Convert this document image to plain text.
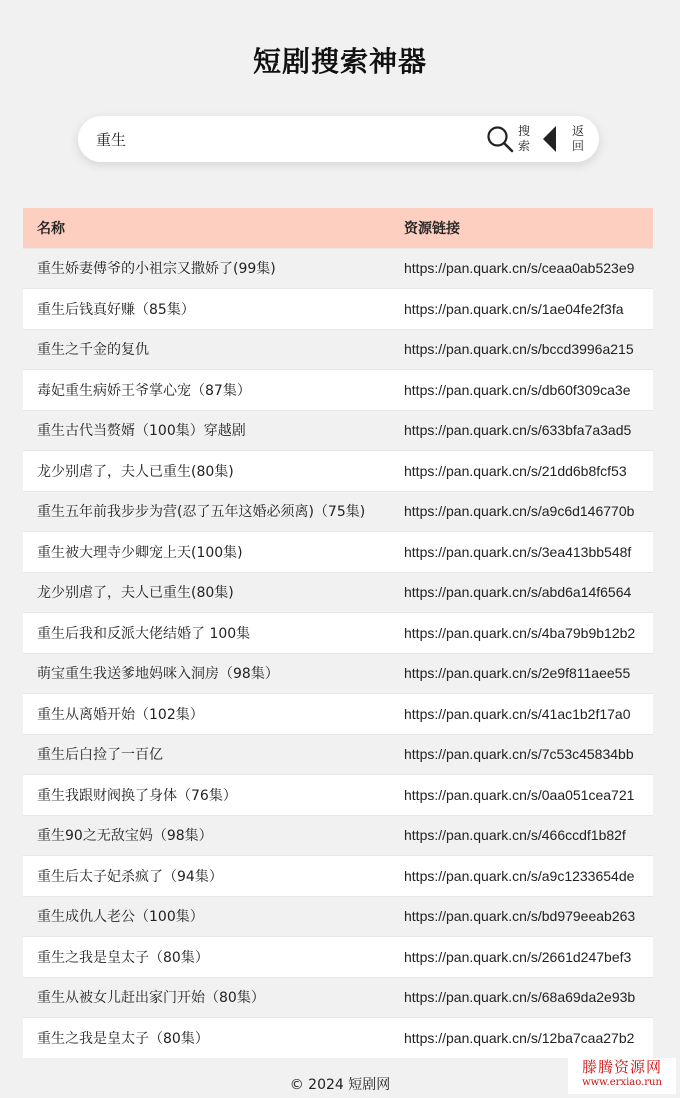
短剧搜索神器
重生
搜索
返回
名称	资源链接
重生娇妻傅爷的小祖宗又撒娇了(99集)	https://pan.quark.cn/s/ceaa0ab523e9
重生后钱真好赚（85集）	https://pan.quark.cn/s/1ae04fe2f3fa
重生之千金的复仇	https://pan.quark.cn/s/bccd3996a215
毒妃重生病娇王爷掌心宠（87集）	https://pan.quark.cn/s/db60f309ca3e
重生古代当赘婿（100集）穿越剧	https://pan.quark.cn/s/633bfa7a3ad5
龙少别虐了，夫人已重生(80集)	https://pan.quark.cn/s/21dd6b8fcf53
重生五年前我步步为营(忍了五年这婚必须离)（75集)	https://pan.quark.cn/s/a9c6d146770b
重生被大理寺少卿宠上天(100集)	https://pan.quark.cn/s/3ea413bb548f
龙少别虐了，夫人已重生(80集)	https://pan.quark.cn/s/abd6a14f6564
重生后我和反派大佬结婚了 100集	https://pan.quark.cn/s/4ba79b9b12b2
萌宝重生我送爹地妈咪入洞房（98集）	https://pan.quark.cn/s/2e9f811aee55
重生从离婚开始（102集）	https://pan.quark.cn/s/41ac1b2f17a0
重生后白捡了一百亿	https://pan.quark.cn/s/7c53c45834bb
重生我跟财阀换了身体（76集）	https://pan.quark.cn/s/0aa051cea721
重生90之无敌宝妈（98集）	https://pan.quark.cn/s/466ccdf1b82f
重生后太子妃杀疯了（94集）	https://pan.quark.cn/s/a9c1233654de
重生成仇人老公（100集）	https://pan.quark.cn/s/bd979eeab263
重生之我是皇太子（80集）	https://pan.quark.cn/s/2661d247bef3
重生从被女儿赶出家门开始（80集）	https://pan.quark.cn/s/68a69da2e93b
重生之我是皇太子（80集）	https://pan.quark.cn/s/12ba7caa27b2
© 2024 短剧网
滕腾资源网
www.erxiao.run
